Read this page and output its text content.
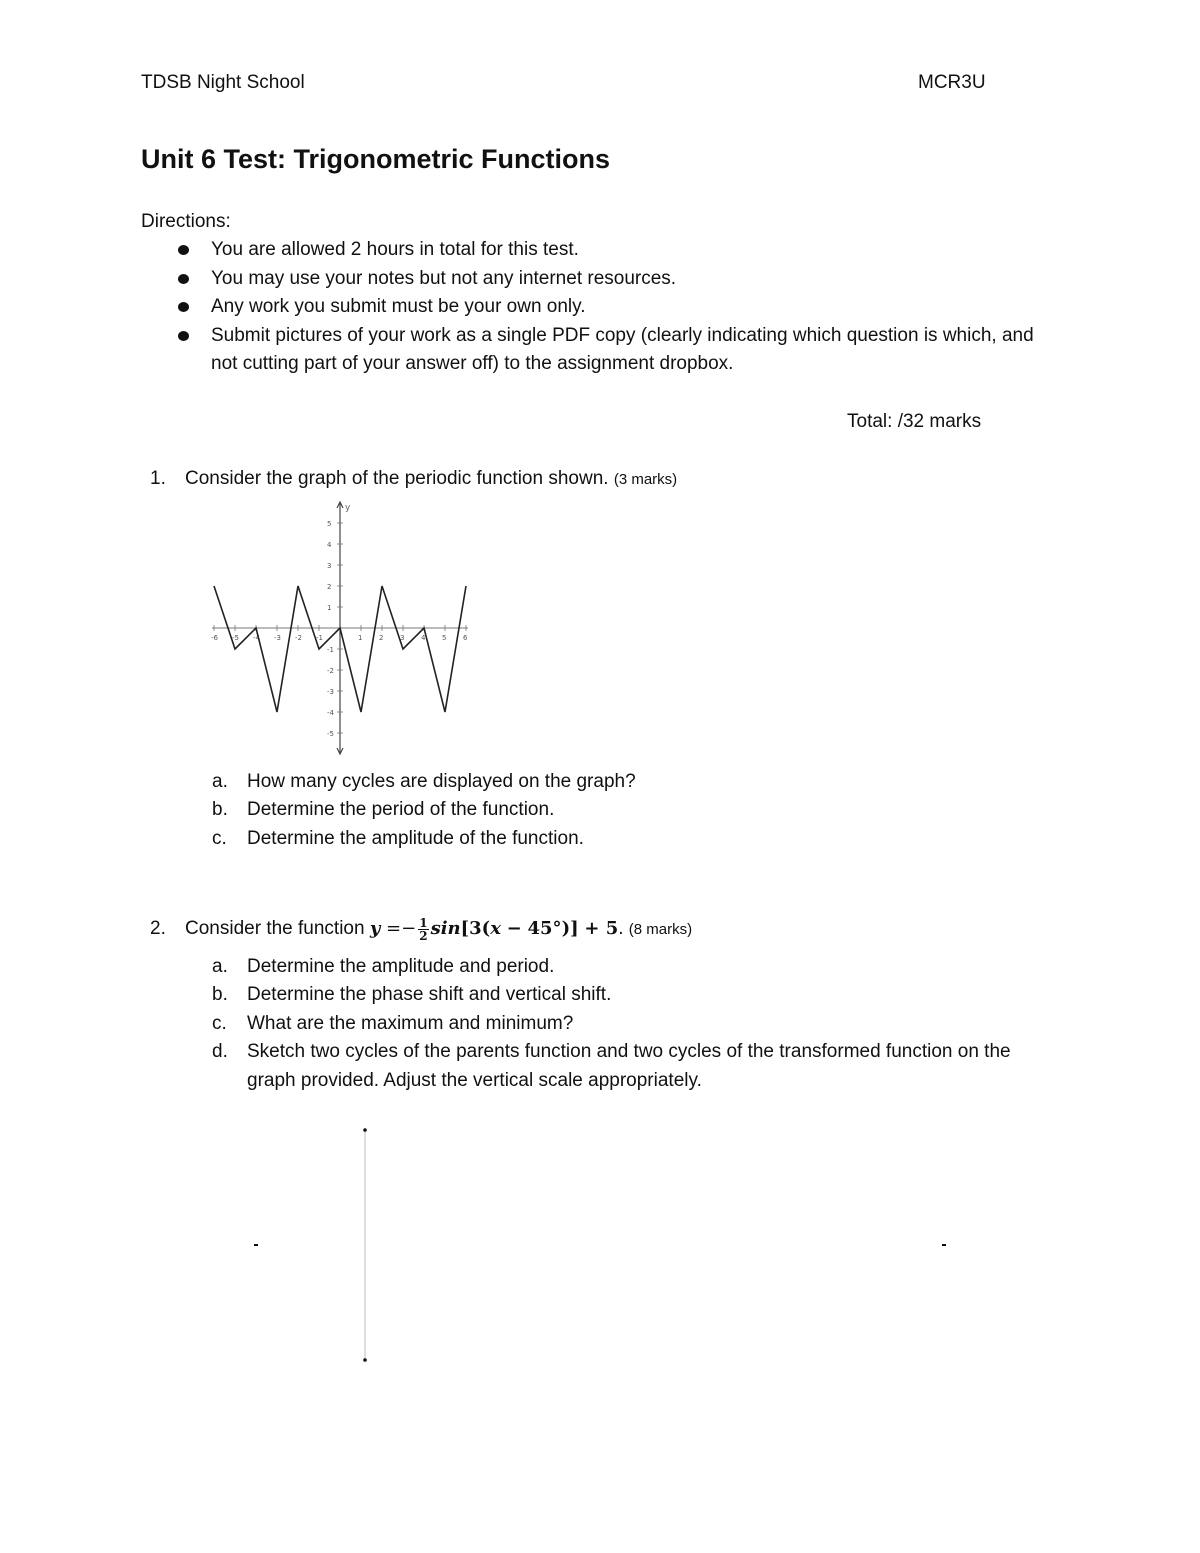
TDSB Night School	MCR3U
Unit 6 Test: Trigonometric Functions
Directions:
You are allowed 2 hours in total for this test.
You may use your notes but not any internet resources.
Any work you submit must be your own only.
Submit pictures of your work as a single PDF copy (clearly indicating which question is which, and not cutting part of your answer off) to the assignment dropbox.
Total: /32 marks
1. Consider the graph of the periodic function shown. (3 marks)
-6 -5 -4 -3 -2 -1	1 2 3 4 5 6
5
4
3
2
1
-1
-2
-3
-4
-5
y
a. How many cycles are displayed on the graph?
b. Determine the period of the function.
c. Determine the amplitude of the function.
2. Consider the function $y =- \frac{1}{2} \sin[3(x - 45^\circ)] + 5$. (8 marks)
a. Determine the amplitude and period.
b. Determine the phase shift and vertical shift.
c. What are the maximum and minimum?
d. Sketch two cycles of the parents function and two cycles of the transformed function on the graph provided. Adjust the vertical scale appropriately.
